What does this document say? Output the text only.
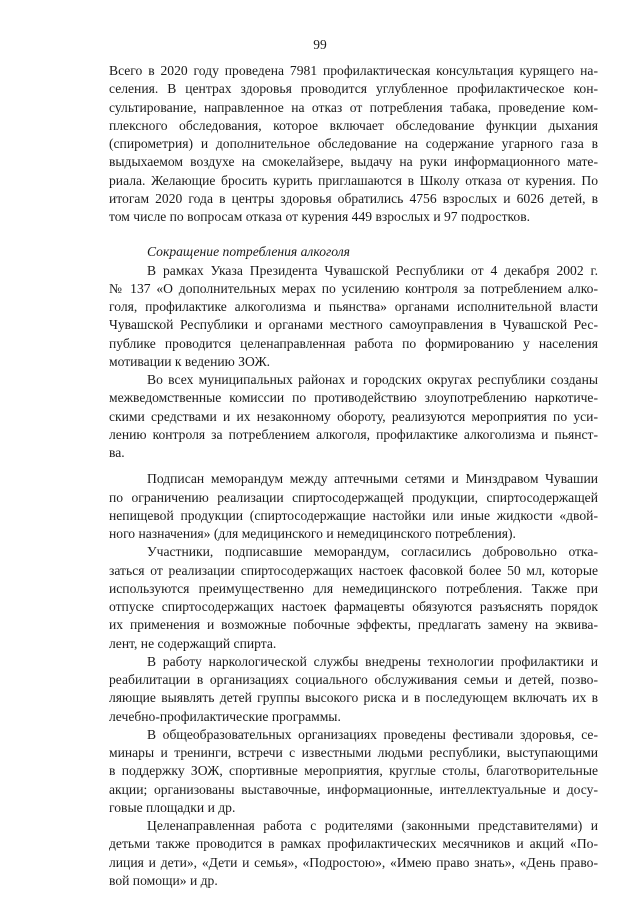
99
Всего в 2020 году проведена 7981 профилактическая консультация курящего на-
селения. В центрах здоровья проводится углубленное профилактическое кон-
сультирование, направленное на отказ от потребления табака, проведение ком-
плексного обследования, которое включает обследование функции дыхания
(спирометрия) и дополнительное обследование на содержание угарного газа в
выдыхаемом воздухе на смокелайзере, выдачу на руки информационного мате-
риала. Желающие бросить курить приглашаются в Школу отказа от курения. По
итогам 2020 года в центры здоровья обратились 4756 взрослых и 6026 детей, в
том числе по вопросам отказа от курения 449 взрослых и 97 подростков.
Сокращение потребления алкоголя
В рамках Указа Президента Чувашской Республики от 4 декабря 2002 г.
№ 137 «О дополнительных мерах по усилению контроля за потреблением алко-
голя, профилактике алкоголизма и пьянства» органами исполнительной власти
Чувашской Республики и органами местного самоуправления в Чувашской Рес-
публике проводится целенаправленная работа по формированию у населения
мотивации к ведению ЗОЖ.
Во всех муниципальных районах и городских округах республики созданы
межведомственные комиссии по противодействию злоупотреблению наркотиче-
скими средствами и их незаконному обороту, реализуются мероприятия по уси-
лению контроля за потреблением алкоголя, профилактике алкоголизма и пьянст-
ва.
Подписан меморандум между аптечными сетями и Минздравом Чувашии
по ограничению реализации спиртосодержащей продукции, спиртосодержащей
непищевой продукции (спиртосодержащие настойки или иные жидкости «двой-
ного назначения» (для медицинского и немедицинского потребления).
Участники, подписавшие меморандум, согласились добровольно отка-
заться от реализации спиртосодержащих настоек фасовкой более 50 мл, которые
используются преимущественно для немедицинского потребления. Также при
отпуске спиртосодержащих настоек фармацевты обязуются разъяснять порядок
их применения и возможные побочные эффекты, предлагать замену на эквива-
лент, не содержащий спирта.
В работу наркологической службы внедрены технологии профилактики и
реабилитации в организациях социального обслуживания семьи и детей, позво-
ляющие выявлять детей группы высокого риска и в последующем включать их в
лечебно-профилактические программы.
В общеобразовательных организациях проведены фестивали здоровья, се-
минары и тренинги, встречи с известными людьми республики, выступающими
в поддержку ЗОЖ, спортивные мероприятия, круглые столы, благотворительные
акции; организованы выставочные, информационные, интеллектуальные и досу-
говые площадки и др.
Целенаправленная работа с родителями (законными представителями) и
детьми также проводится в рамках профилактических месячников и акций «По-
лиция и дети», «Дети и семья», «Подростою», «Имею право знать», «День право-
вой помощи» и др.
